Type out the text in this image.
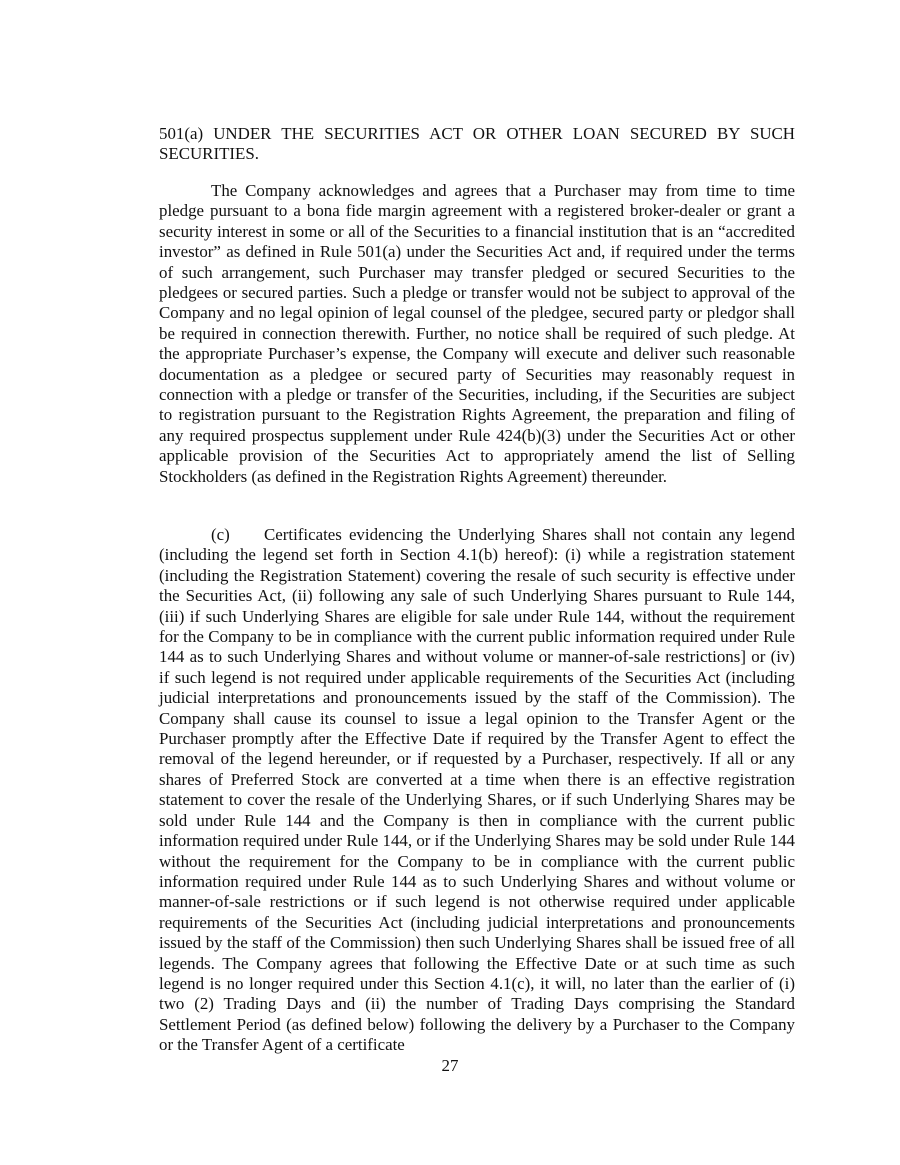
501(a) UNDER THE SECURITIES ACT OR OTHER LOAN SECURED BY SUCH SECURITIES.

The Company acknowledges and agrees that a Purchaser may from time to time pledge pursuant to a bona fide margin agreement with a registered broker-dealer or grant a security interest in some or all of the Securities to a financial institution that is an “accredited investor” as defined in Rule 501(a) under the Securities Act and, if required under the terms of such arrangement, such Purchaser may transfer pledged or secured Securities to the pledgees or secured parties. Such a pledge or transfer would not be subject to approval of the Company and no legal opinion of legal counsel of the pledgee, secured party or pledgor shall be required in connection therewith. Further, no notice shall be required of such pledge. At the appropriate Purchaser’s expense, the Company will execute and deliver such reasonable documentation as a pledgee or secured party of Securities may reasonably request in connection with a pledge or transfer of the Securities, including, if the Securities are subject to registration pursuant to the Registration Rights Agreement, the preparation and filing of any required prospectus supplement under Rule 424(b)(3) under the Securities Act or other applicable provision of the Securities Act to appropriately amend the list of Selling Stockholders (as defined in the Registration Rights Agreement) thereunder.

(c) Certificates evidencing the Underlying Shares shall not contain any legend (including the legend set forth in Section 4.1(b) hereof): (i) while a registration statement (including the Registration Statement) covering the resale of such security is effective under the Securities Act, (ii) following any sale of such Underlying Shares pursuant to Rule 144, (iii) if such Underlying Shares are eligible for sale under Rule 144, without the requirement for the Company to be in compliance with the current public information required under Rule 144 as to such Underlying Shares and without volume or manner-of-sale restrictions] or (iv) if such legend is not required under applicable requirements of the Securities Act (including judicial interpretations and pronouncements issued by the staff of the Commission). The Company shall cause its counsel to issue a legal opinion to the Transfer Agent or the Purchaser promptly after the Effective Date if required by the Transfer Agent to effect the removal of the legend hereunder, or if requested by a Purchaser, respectively. If all or any shares of Preferred Stock are converted at a time when there is an effective registration statement to cover the resale of the Underlying Shares, or if such Underlying Shares may be sold under Rule 144 and the Company is then in compliance with the current public information required under Rule 144, or if the Underlying Shares may be sold under Rule 144 without the requirement for the Company to be in compliance with the current public information required under Rule 144 as to such Underlying Shares and without volume or manner-of-sale restrictions or if such legend is not otherwise required under applicable requirements of the Securities Act (including judicial interpretations and pronouncements issued by the staff of the Commission) then such Underlying Shares shall be issued free of all legends. The Company agrees that following the Effective Date or at such time as such legend is no longer required under this Section 4.1(c), it will, no later than the earlier of (i) two (2) Trading Days and (ii) the number of Trading Days comprising the Standard Settlement Period (as defined below) following the delivery by a Purchaser to the Company or the Transfer Agent of a certificate

27
